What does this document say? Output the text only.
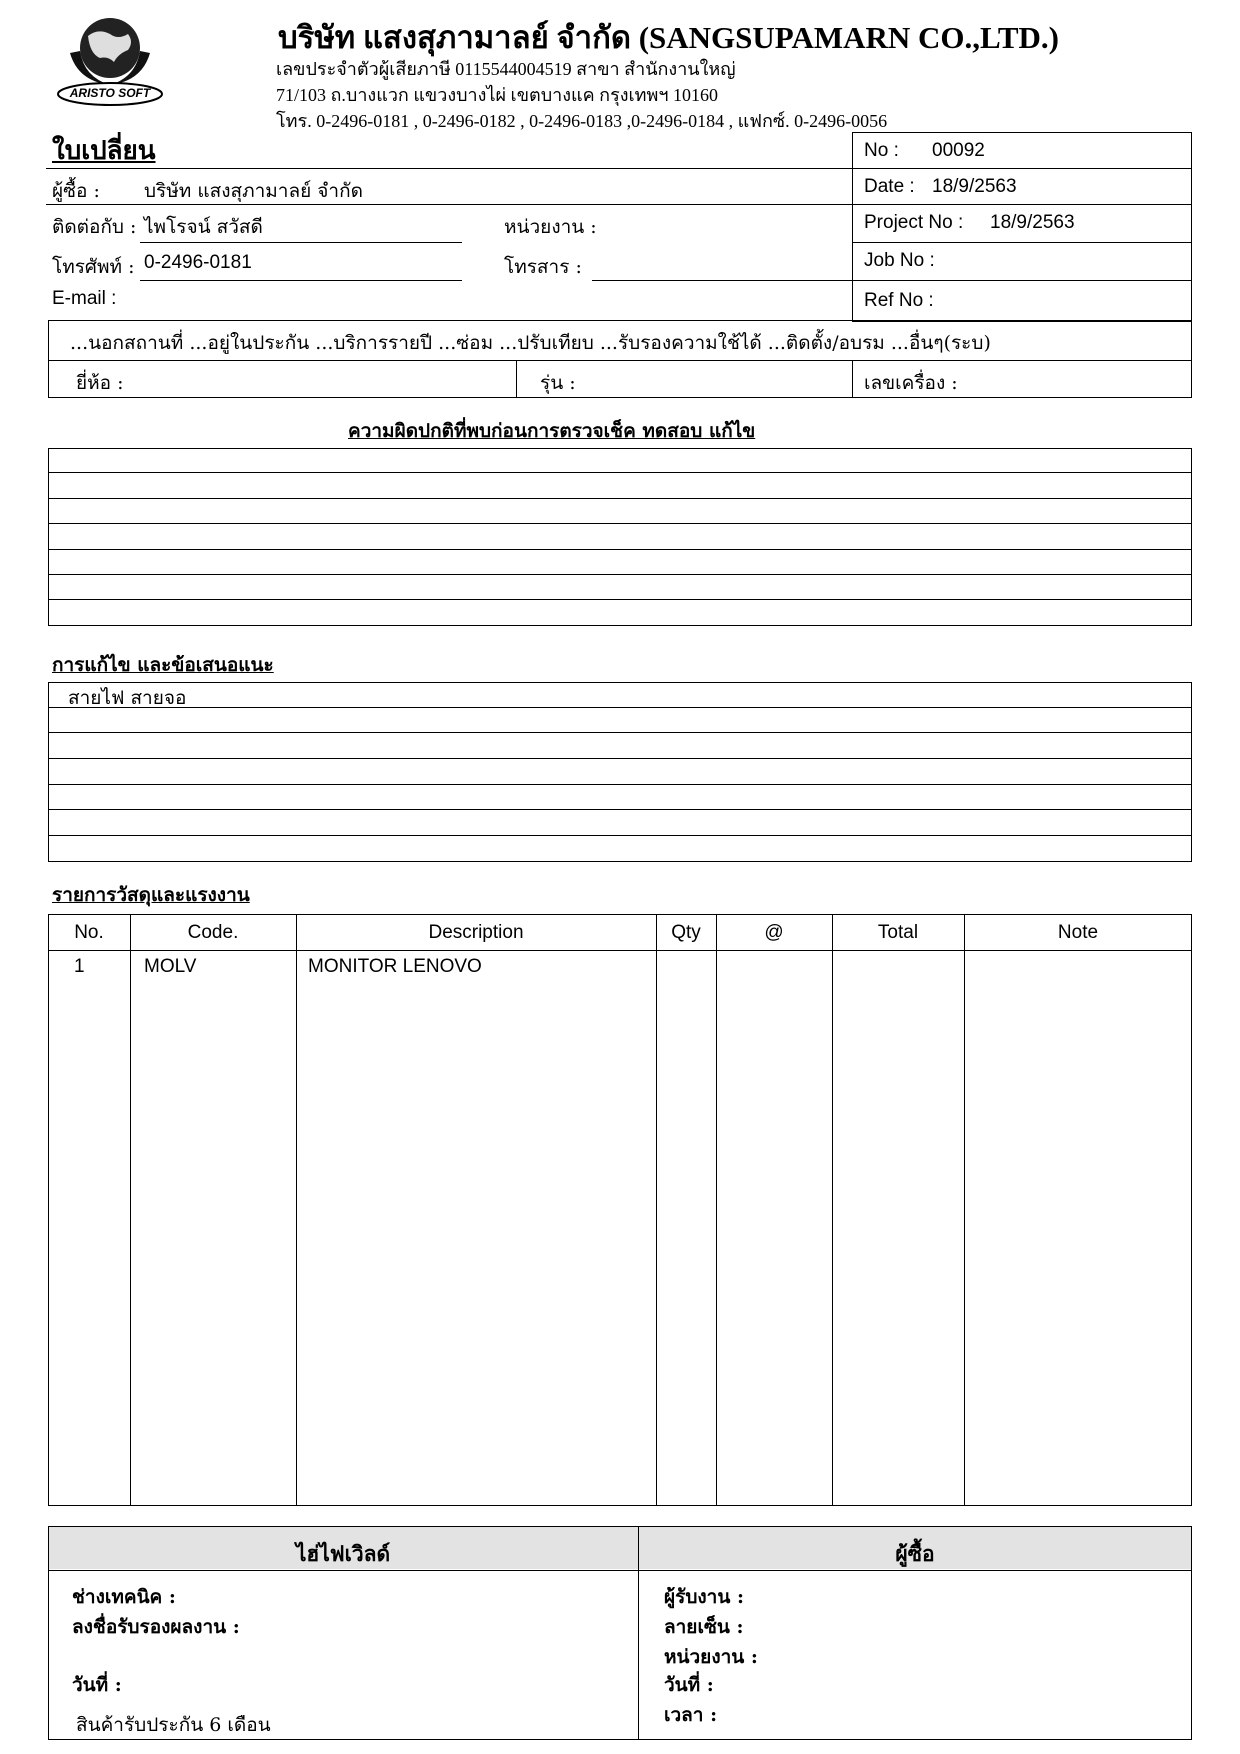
ARISTO SOFT
บริษัท แสงสุภามาลย์ จำกัด (SANGSUPAMARN CO.,LTD.)
เลขประจำตัวผู้เสียภาษี 0115544004519 สาขา สำนักงานใหญ่
71/103 ถ.บางแวก แขวงบางไผ่ เขตบางแค กรุงเทพฯ 10160
โทร. 0-2496-0181 , 0-2496-0182 , 0-2496-0183 ,0-2496-0184 , แฟกซ์. 0-2496-0056
ใบเปลี่ยน	No : 00092
Date : 18/9/2563
Project No : 18/9/2563
Job No :
Ref No :
ผู้ซื้อ : บริษัท แสงสุภามาลย์ จำกัด
ติดต่อกับ : ไพโรจน์ สวัสดี	หน่วยงาน :
โทรศัพท์ : 0-2496-0181	โทรสาร :
E-mail :
...นอกสถานที่ ...อยู่ในประกัน ...บริการรายปี ...ซ่อม ...ปรับเทียบ ...รับรองความใช้ได้ ...ติดตั้ง/อบรม ...อื่นๆ(ระบ)
ยี่ห้อ :	รุ่น :	เลขเครื่อง :
ความผิดปกติที่พบก่อนการตรวจเช็ค ทดสอบ แก้ไข
การแก้ไข และข้อเสนอแนะ
สายไฟ สายจอ
รายการวัสดุและแรงงาน
No.	Code.	Description	Qty	@	Total	Note
1	MOLV	MONITOR LENOVO
ไฮ่ไฟเวิลด์	ผู้ซื้อ
ช่างเทคนิค :
ลงชื่อรับรองผลงาน :
วันที่ :
สินค้ารับประกัน 6 เดือน
ผู้รับงาน :
ลายเซ็น :
หน่วยงาน :
วันที่ :
เวลา :
